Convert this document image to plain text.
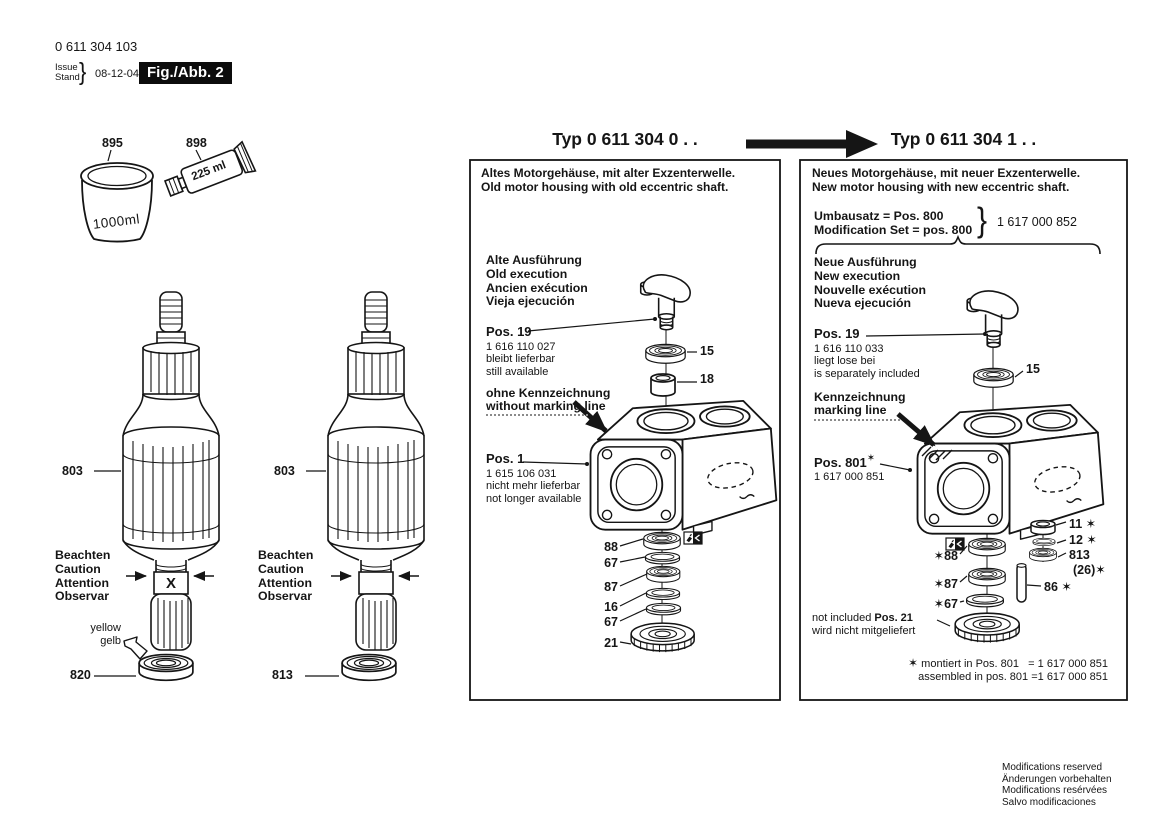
0 611 304 103
Issue
Stand } 08-12-04 Fig./Abb. 2
895	898
1000ml
225 ml
803	803
Beachten
Caution
Attention
Observar
Beachten
Caution
Attention
Observar
X
yellow
gelb
820	813
Typ 0 611 304 0 . .	Typ 0 611 304 1 . .
Altes Motorgehäuse, mit alter Exzenterwelle.
Old motor housing with old eccentric shaft.
Alte Ausführung
Old execution
Ancien exécution
Vieja ejecución
Pos. 19
1 616 110 027
bleibt lieferbar
still available
ohne Kennzeichnung
without marking line
Pos. 1
1 615 106 031
nicht mehr lieferbar
not longer available
15
18
88
67
87
16
67
21
Neues Motorgehäuse, mit neuer Exzenterwelle.
New motor housing with new eccentric shaft.
Umbausatz = Pos. 800
Modification Set = pos. 800 } 1 617 000 852
Neue Ausführung
New execution
Nouvelle exécution
Nueva ejecución
Pos. 19
1 616 110 033
liegt lose bei
is separately included
Kennzeichnung
marking line
Pos. 801✶
1 617 000 851
15
✶88
✶87
✶67
11 ✶
12 ✶
813
(26)✶
86 ✶
not included Pos. 21
wird nicht mitgeliefert
✶ montiert in Pos. 801   = 1 617 000 851
assembled in pos. 801 =1 617 000 851
Modifications reserved
Änderungen vorbehalten
Modifications resérvées
Salvo modificaciones
